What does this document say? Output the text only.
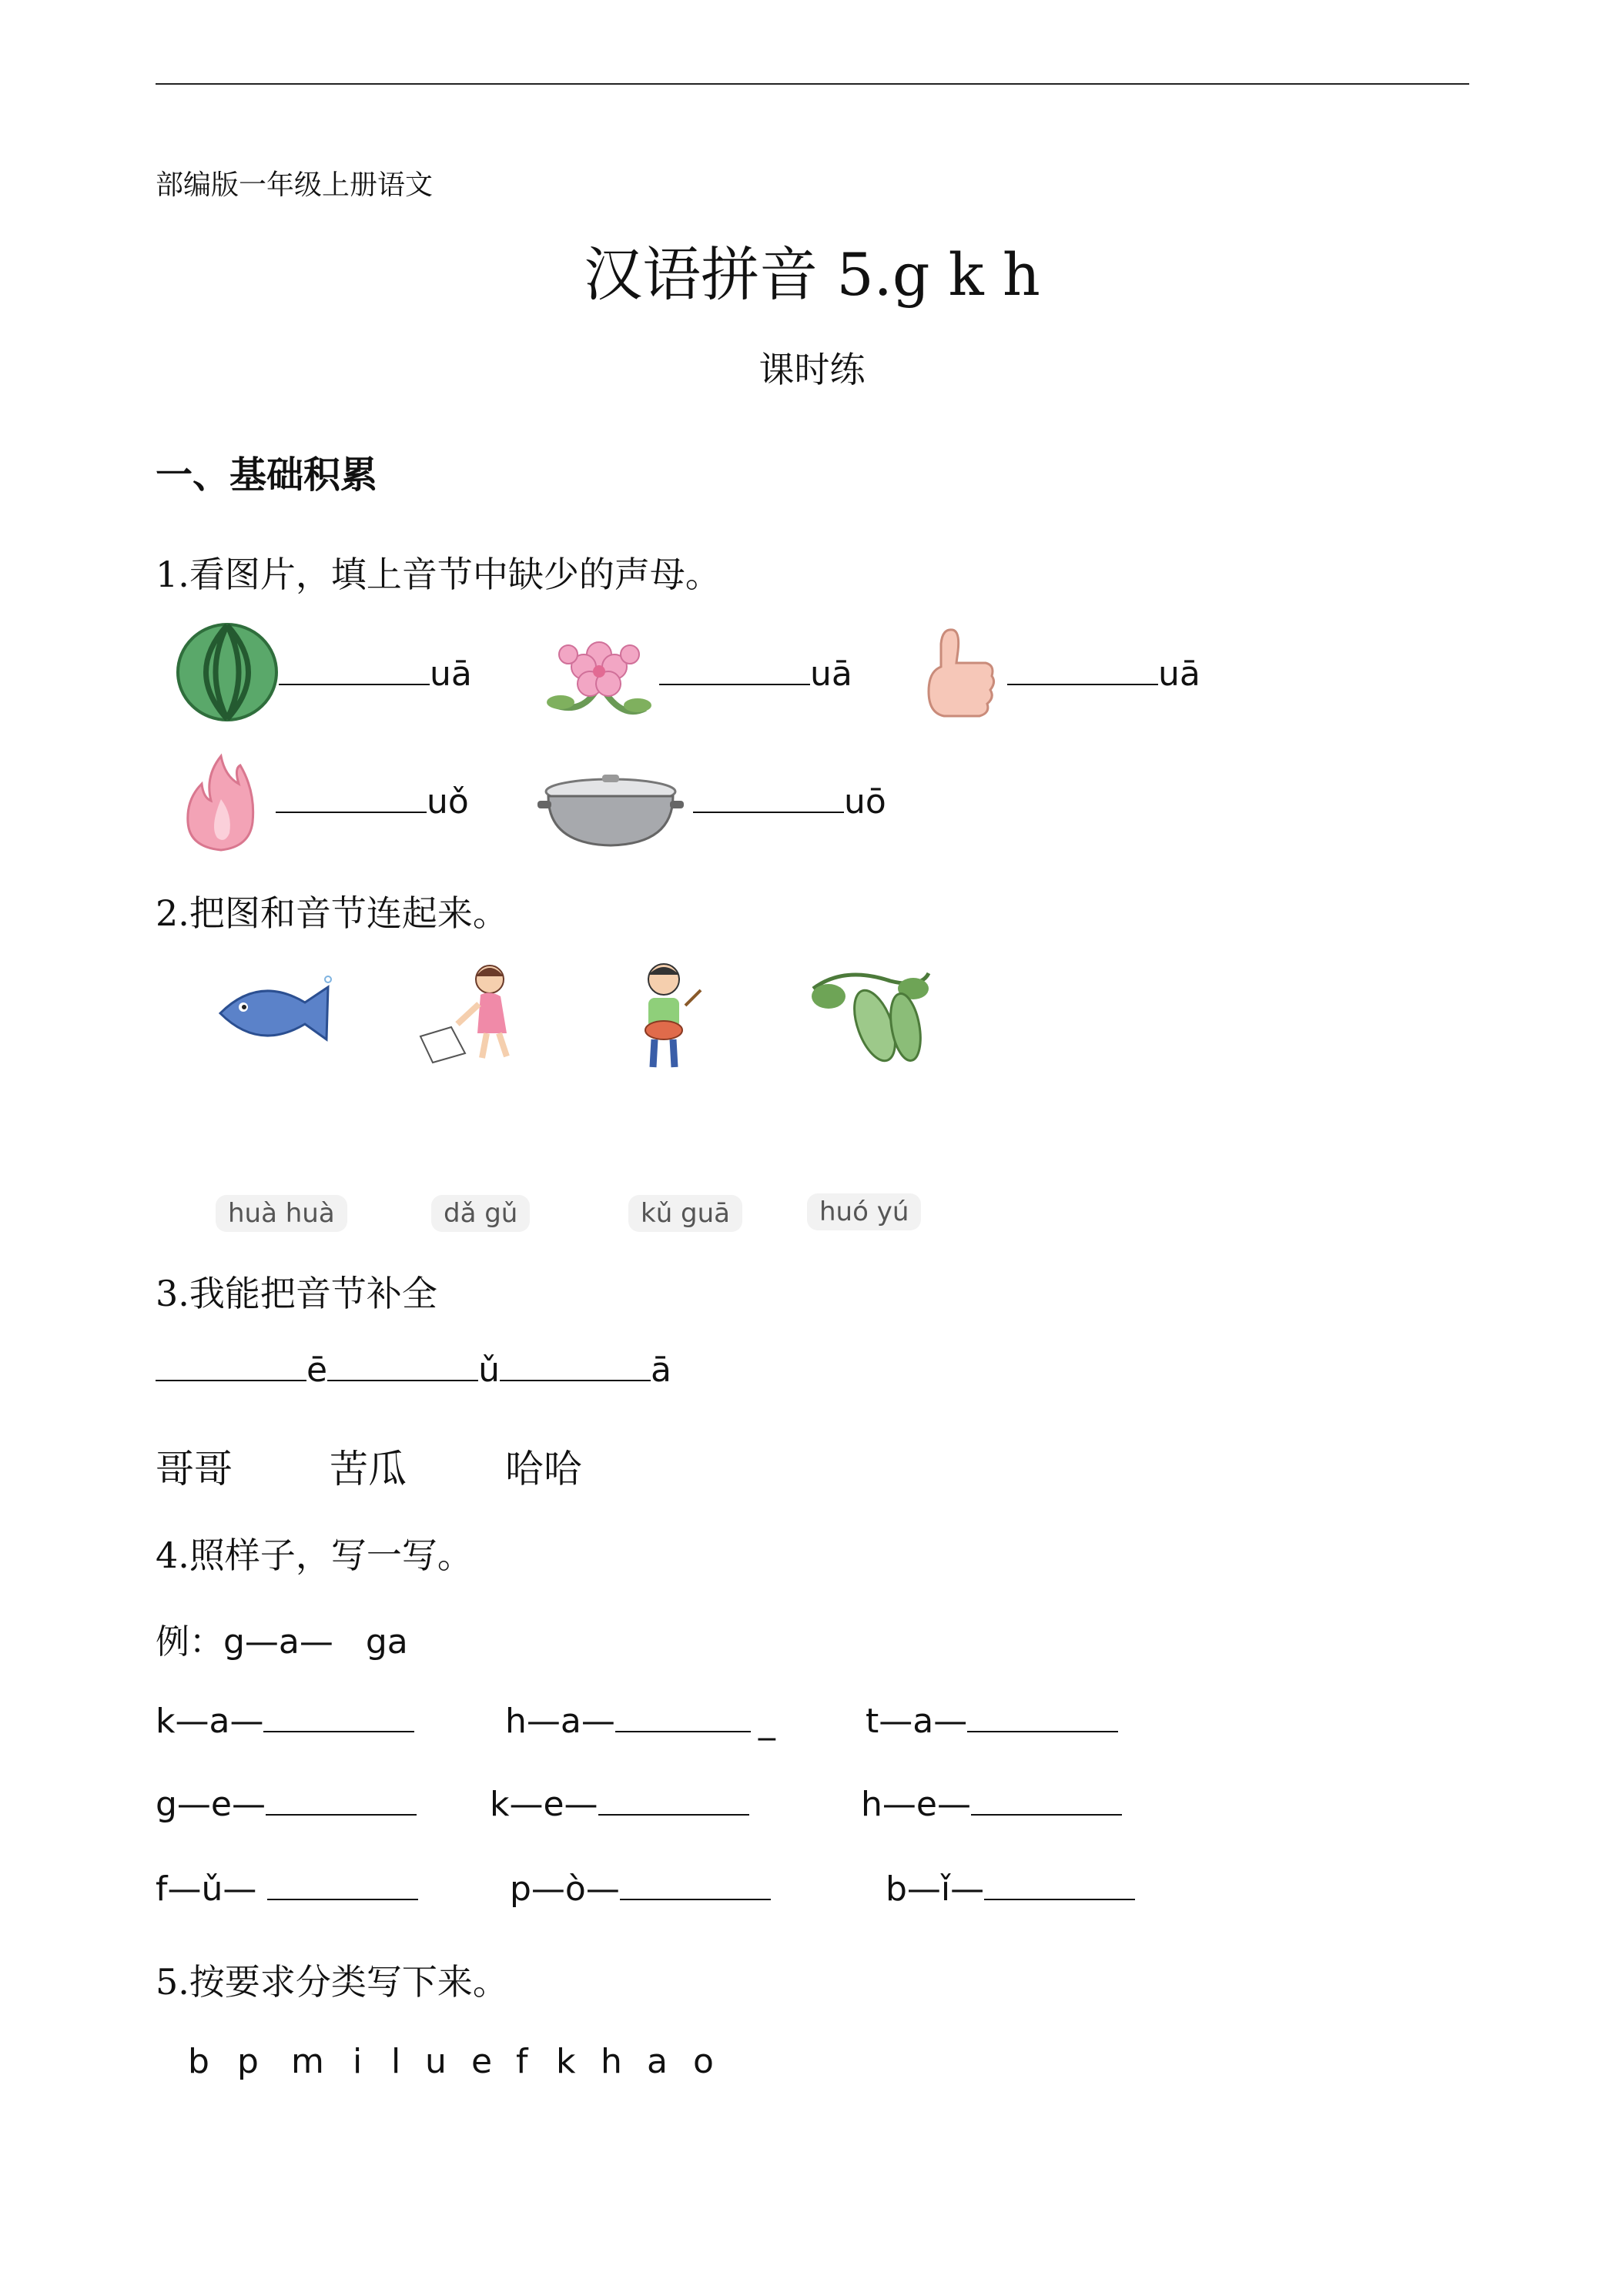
部编版一年级上册语文
汉语拼音 5.g k h
课时练
一、基础积累
1.看图片，填上音节中缺少的声母。
uā	uā	uā
uǒ	uō
2.把图和音节连起来。
huà huà	dǎ gǔ	kǔ guā	huó yú
3.我能把音节补全
ē	ǔ	ā
哥哥	苦瓜	哈哈
4.照样子，写一写。
例：g—a—   ga
k—a—	h—a—	_	t—a—
g—e—	k—e—	h—e—
f—ǔ—	p—ò—	b—ǐ—
5.按要求分类写下来。
b p m i l u e f k h a o
